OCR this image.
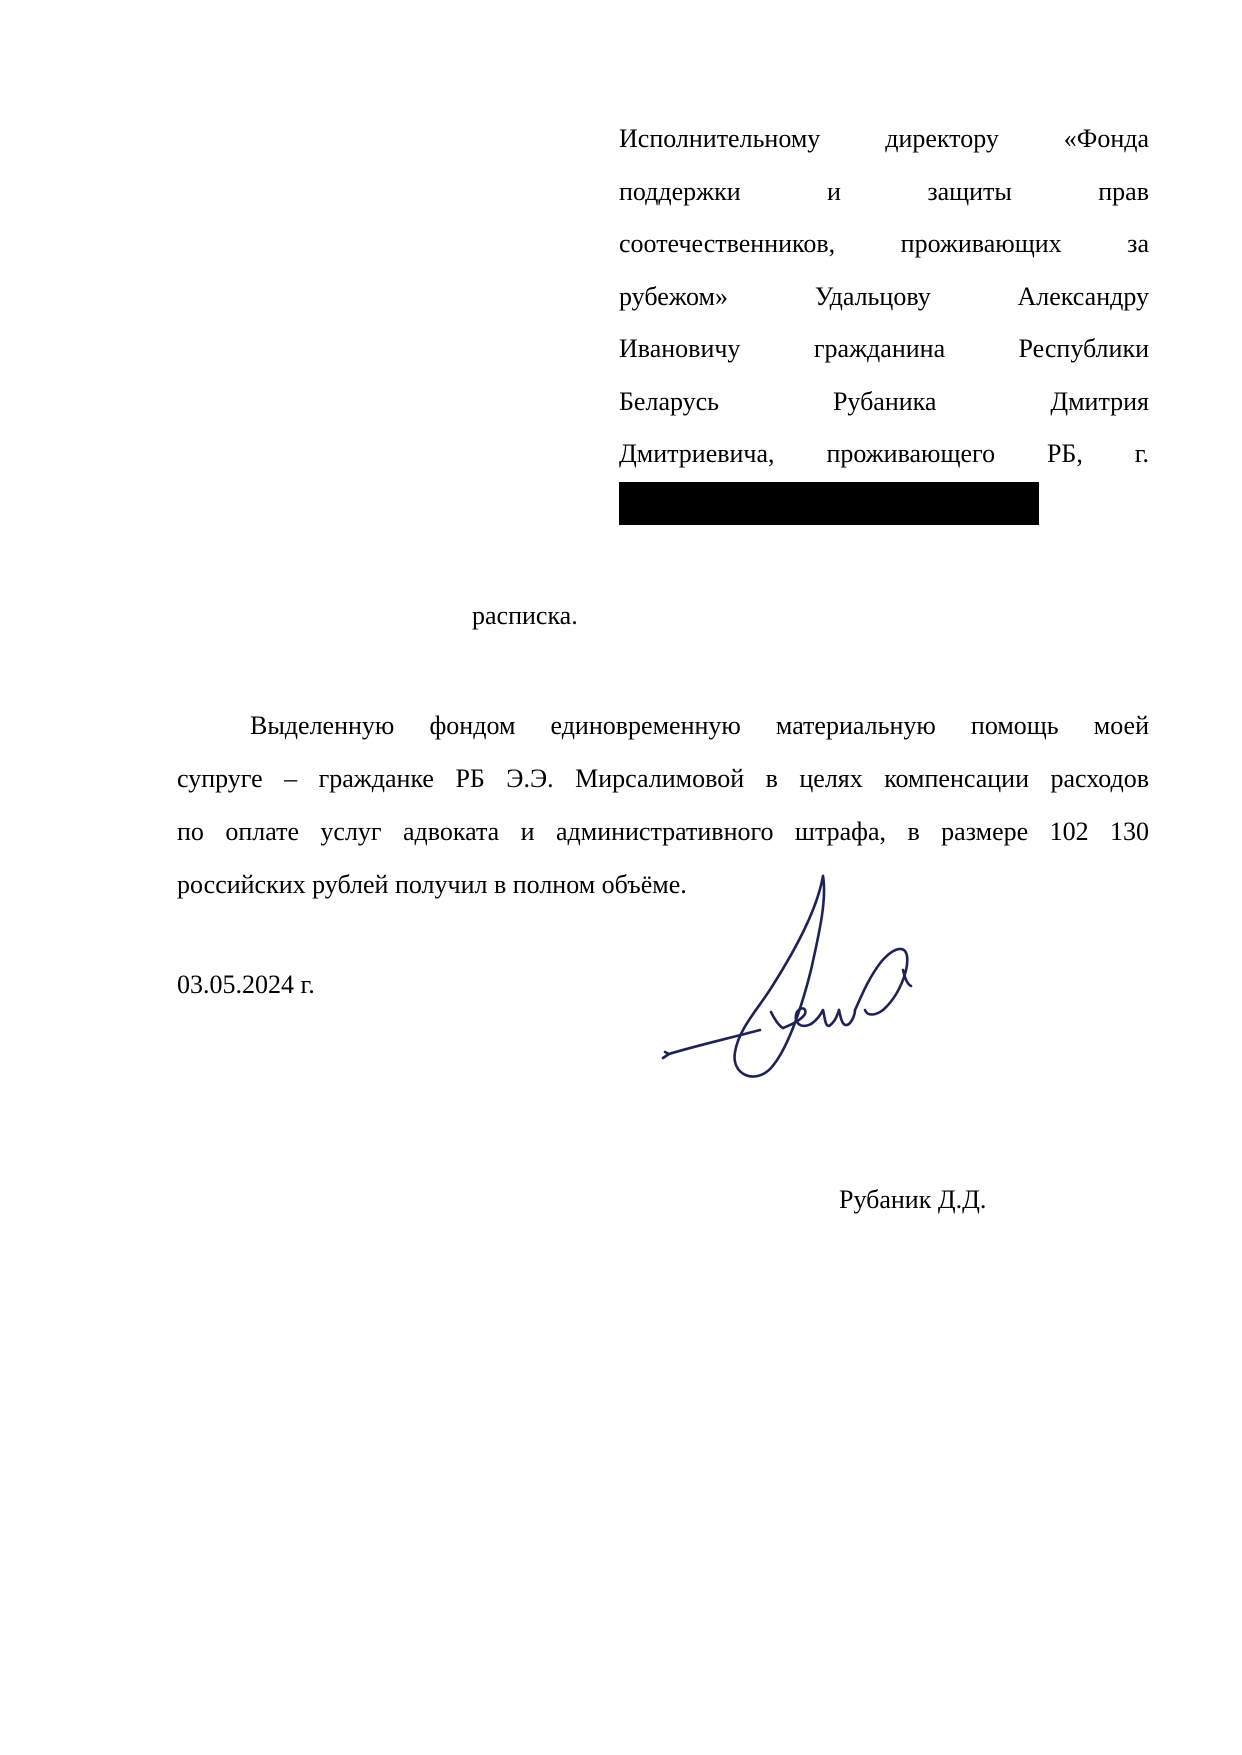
Исполнительному директору «Фонда
поддержки и защиты прав
соотечественников, проживающих за
рубежом» Удальцову Александру
Ивановичу гражданина Республики
Беларусь Рубаника Дмитрия
Дмитриевича, проживающего РБ, г.
расписка.
Выделенную фондом единовременную материальную помощь моей
супруге – гражданке РБ Э.Э. Мирсалимовой в целях компенсации расходов
по оплате услуг адвоката и административного штрафа, в размере 102 130
российских рублей получил в полном объёме.
03.05.2024 г.
Рубаник Д.Д.
